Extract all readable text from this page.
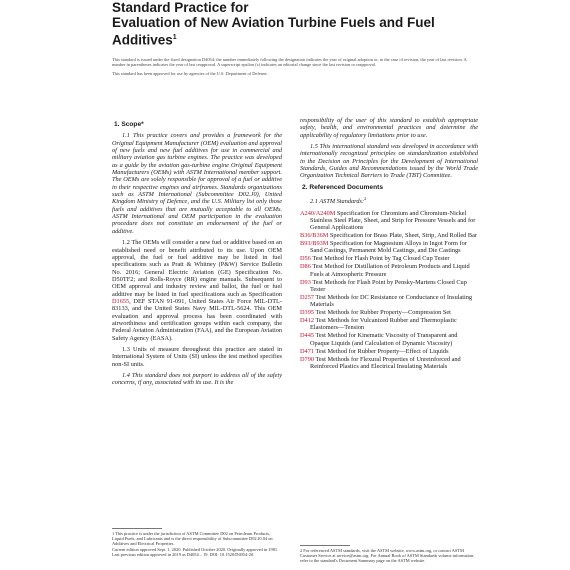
Standard Practice for
Evaluation of New Aviation Turbine Fuels and Fuel
Additives$^1$

This standard is issued under the fixed designation D4054; the number immediately following the designation indicates the year of original adoption or, in the case of revision, the year of last revision. A number in parentheses indicates the year of last reapproval. A superscript epsilon (ε) indicates an editorial change since the last revision or reapproval.

This standard has been approved for use by agencies of the U.S. Department of Defense.

1. Scope*

1.1 This practice covers and provides a framework for the Original Equipment Manufacturer (OEM) evaluation and approval of new fuels and new fuel additives for use in commercial and military aviation gas turbine engines. The practice was developed as a guide by the aviation gas-turbine engine Original Equipment Manufacturers (OEMs) with ASTM International member support. The OEMs are solely responsible for approval of a fuel or additive in their respective engines and airframes. Standards organizations such as ASTM International (Subcommittee D02.J0), United Kingdom Ministry of Defence, and the U.S. Military list only those fuels and additives that are mutually acceptable to all OEMs. ASTM International and OEM participation in the evaluation procedure does not constitute an endorsement of the fuel or additive.

1.2 The OEMs will consider a new fuel or additive based on an established need or benefit attributed to its use. Upon OEM approval, the fuel or fuel additive may be listed in fuel specifications such as Pratt & Whitney (P&W) Service Bulletin No. 2016; General Electric Aviation (GE) Specification No. D50TF2; and Rolls-Royce (RR) engine manuals. Subsequent to OEM approval and industry review and ballot, the fuel or fuel additive may be listed in fuel specifications such as Specification D1655, DEF STAN 91-091, United States Air Force MIL-DTL-83133, and the United States Navy MIL-DTL-5624. This OEM evaluation and approval process has been coordinated with airworthiness and certification groups within each company, the Federal Aviation Administration (FAA), and the European Aviation Safety Agency (EASA).

1.3 Units of measure throughout this practice are stated in International System of Units (SI) unless the test method specifies non-SI units.

1.4 This standard does not purport to address all of the safety concerns, if any, associated with its use. It is the

responsibility of the user of this standard to establish appropriate safety, health, and environmental practices and determine the applicability of regulatory limitations prior to use.

1.5 This international standard was developed in accordance with internationally recognized principles on standardization established in the Decision on Principles for the Development of International Standards, Guides and Recommendations issued by the World Trade Organization Technical Barriers to Trade (TBT) Committee.

2. Referenced Documents

2.1 ASTM Standards:$^2$

A240/A240M Specification for Chromium and Chromium-Nickel Stainless Steel Plate, Sheet, and Strip for Pressure Vessels and for General Applications
B36/B36M Specification for Brass Plate, Sheet, Strip, And Rolled Bar
B93/B93M Specification for Magnesium Alloys in Ingot Form for Sand Castings, Permanent Mold Castings, and Die Castings
D56 Test Method for Flash Point by Tag Closed Cup Tester
D86 Test Method for Distillation of Petroleum Products and Liquid Fuels at Atmospheric Pressure
D93 Test Methods for Flash Point by Pensky-Martens Closed Cup Tester
D257 Test Methods for DC Resistance or Conductance of Insulating Materials
D395 Test Methods for Rubber Property—Compression Set
D412 Test Methods for Vulcanized Rubber and Thermoplastic Elastomers—Tension
D445 Test Method for Kinematic Viscosity of Transparent and Opaque Liquids (and Calculation of Dynamic Viscosity)
D471 Test Method for Rubber Property—Effect of Liquids
D790 Test Methods for Flexural Properties of Unreinforced and Reinforced Plastics and Electrical Insulating Materials
1 This practice is under the jurisdiction of ASTM Committee D02 on Petroleum Products, Liquid Fuels, and Lubricants and is the direct responsibility of Subcommittee D02.J0.04 on Additives and Electrical Properties.
Current edition approved Sept. 1, 2020. Published October 2020. Originally approved in 1981. Last previous edition approved in 2019 as D4054 – 19. DOI: 10.1520/D4054-20.
2 For referenced ASTM standards, visit the ASTM website, www.astm.org, or contact ASTM Customer Service at service@astm.org. For Annual Book of ASTM Standards volume information, refer to the standard's Document Summary page on the ASTM website.
